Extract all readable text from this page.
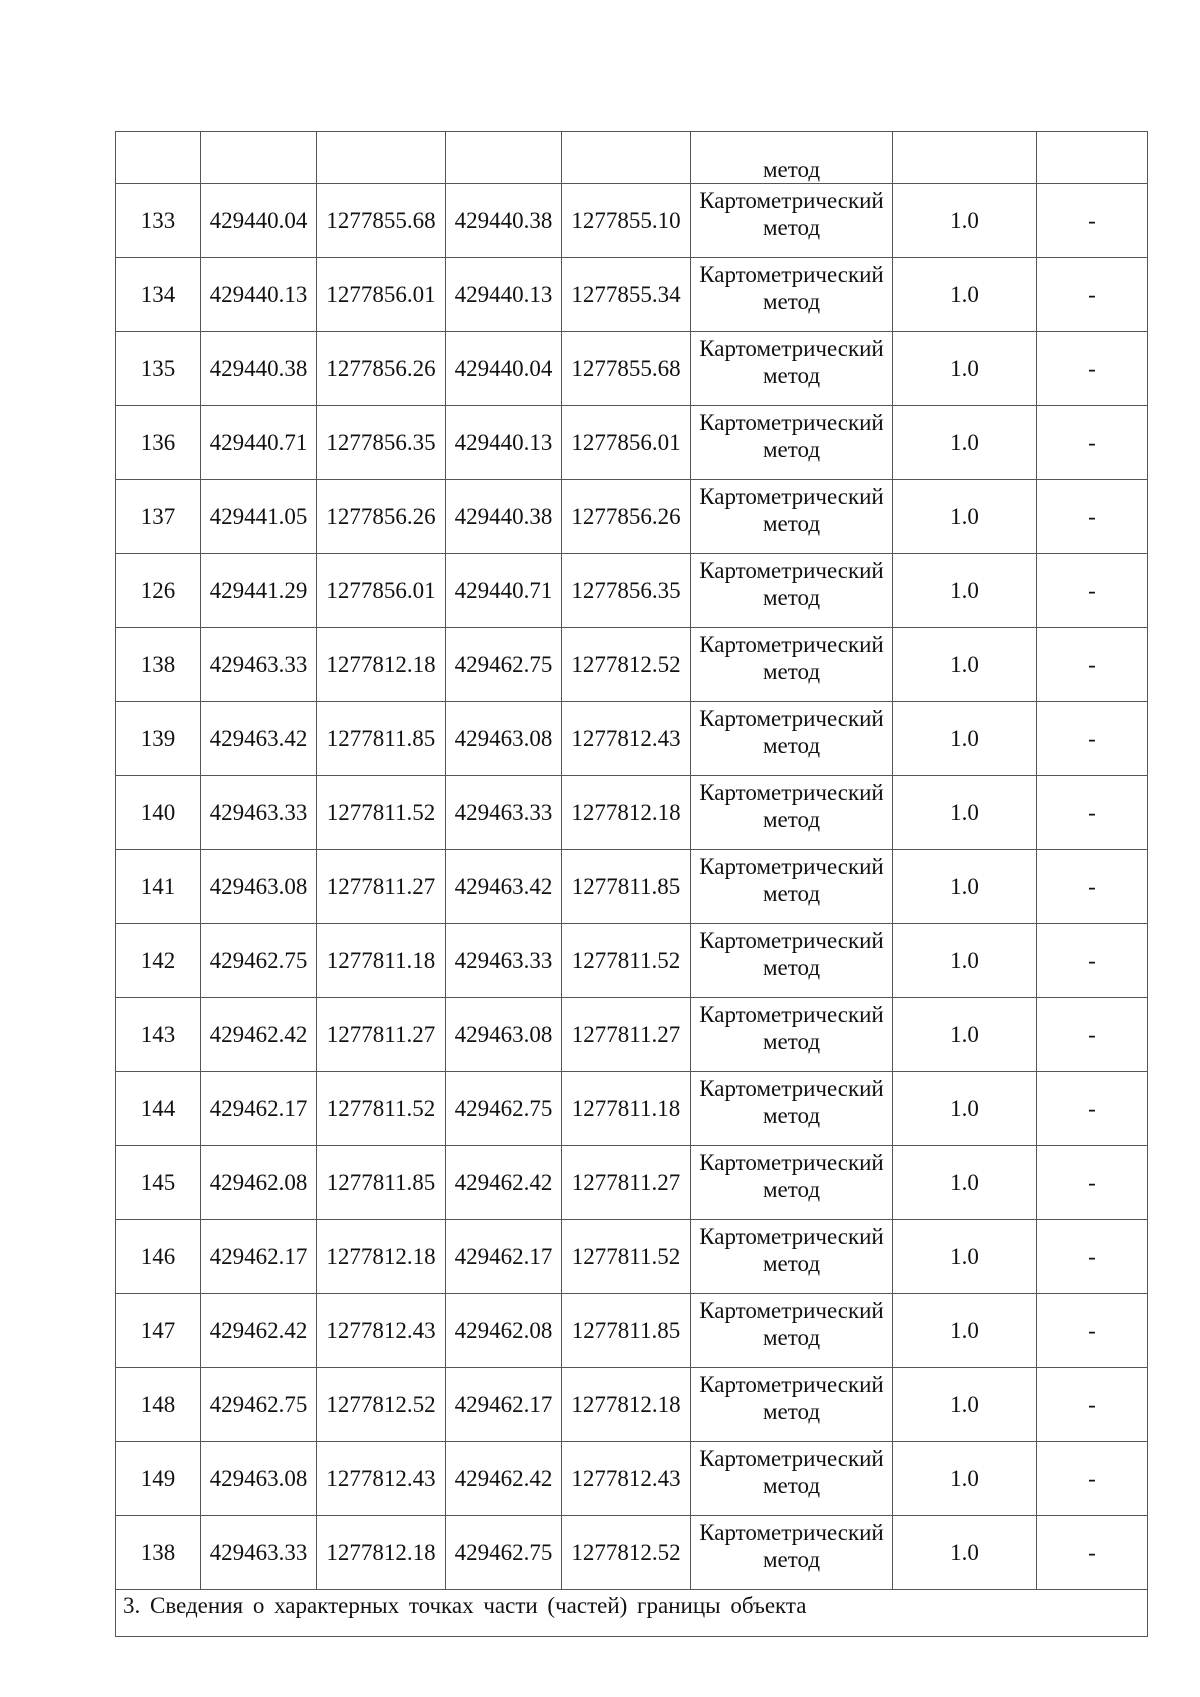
					метод		
133	429440.04	1277855.68	429440.38	1277855.10	Картометрический
метод	1.0	-
134	429440.13	1277856.01	429440.13	1277855.34	Картометрический
метод	1.0	-
135	429440.38	1277856.26	429440.04	1277855.68	Картометрический
метод	1.0	-
136	429440.71	1277856.35	429440.13	1277856.01	Картометрический
метод	1.0	-
137	429441.05	1277856.26	429440.38	1277856.26	Картометрический
метод	1.0	-
126	429441.29	1277856.01	429440.71	1277856.35	Картометрический
метод	1.0	-
138	429463.33	1277812.18	429462.75	1277812.52	Картометрический
метод	1.0	-
139	429463.42	1277811.85	429463.08	1277812.43	Картометрический
метод	1.0	-
140	429463.33	1277811.52	429463.33	1277812.18	Картометрический
метод	1.0	-
141	429463.08	1277811.27	429463.42	1277811.85	Картометрический
метод	1.0	-
142	429462.75	1277811.18	429463.33	1277811.52	Картометрический
метод	1.0	-
143	429462.42	1277811.27	429463.08	1277811.27	Картометрический
метод	1.0	-
144	429462.17	1277811.52	429462.75	1277811.18	Картометрический
метод	1.0	-
145	429462.08	1277811.85	429462.42	1277811.27	Картометрический
метод	1.0	-
146	429462.17	1277812.18	429462.17	1277811.52	Картометрический
метод	1.0	-
147	429462.42	1277812.43	429462.08	1277811.85	Картометрический
метод	1.0	-
148	429462.75	1277812.52	429462.17	1277812.18	Картометрический
метод	1.0	-
149	429463.08	1277812.43	429462.42	1277812.43	Картометрический
метод	1.0	-
138	429463.33	1277812.18	429462.75	1277812.52	Картометрический
метод	1.0	-
3. Сведения о характерных точках части (частей) границы объекта							
